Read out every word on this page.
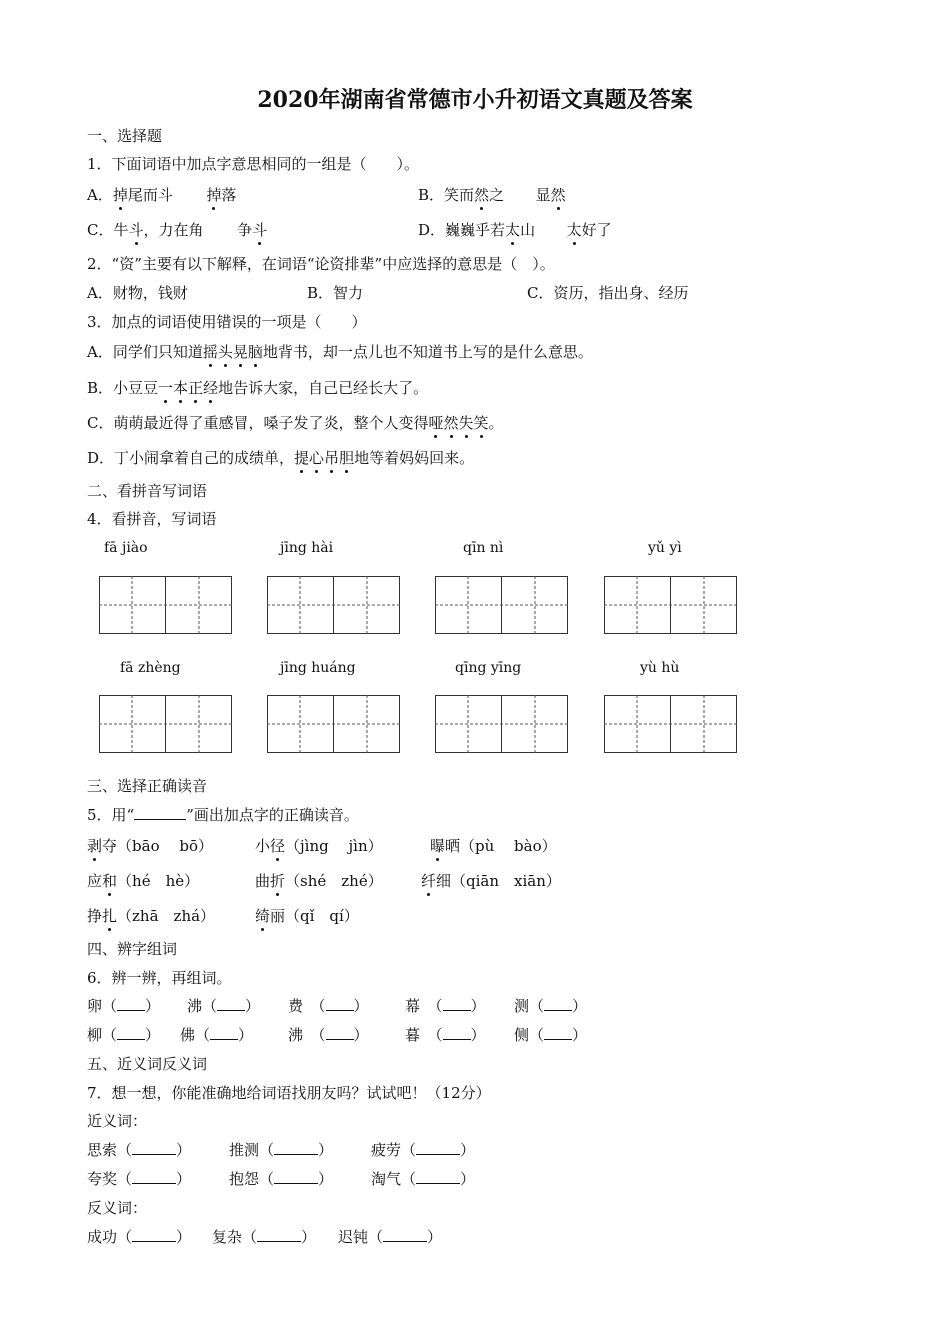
2020年湖南省常德市小升初语文真题及答案
一、选择题
1．下面词语中加点字意思相同的一组是（　　）。
A．掉尾而斗 掉落	B．笑而然之 显然
C．牛斗，力在角 争斗	D．巍巍乎若太山 太好了
2．“资”主要有以下解释，在词语“论资排辈”中应选择的意思是（　）。
A．财物，钱财	B．智力	C．资历，指出身、经历
3．加点的词语使用错误的一项是（　　）
A．同学们只知道摇头晃脑地背书，却一点儿也不知道书上写的是什么意思。
B．小豆豆一本正经地告诉大家，自己已经长大了。
C．萌萌最近得了重感冒，嗓子发了炎，整个人变得哑然失笑。
D．丁小闹拿着自己的成绩单，提心吊胆地等着妈妈回来。
二、看拼音写词语
4．看拼音，写词语
fā jiào	jīng hài	qīn nì	yǔ yì
fā zhèng	jīng huáng	qīng yīng	yù hù
三、选择正确读音
5．用“	”画出加点字的正确读音。
剥夺（bāo　 bō）	小径（jìng　 jìn）	曝晒（pù　 bào）
应和（hé　hè）	曲折（shé　zhé）	纤细（qiān　xiān）
挣扎（zhā　zhá）	绮丽（qǐ　qí）
四、辨字组词
6．辨一辨，再组词。
卵（ ） 沸（ ） 费　（ ） 幕　（ ） 测（ ）
柳（ ） 佛（ ） 沸　（ ） 暮　（ ） 侧（ ）
五、近义词反义词
7．想一想，你能准确地给词语找朋友吗？试试吧！（12分）
近义词：
思索（	）	推测（	）	疲劳（	）
夸奖（	）	抱怨（	）	淘气（	）
反义词：
成功（	） 复杂（	） 迟钝（	）
